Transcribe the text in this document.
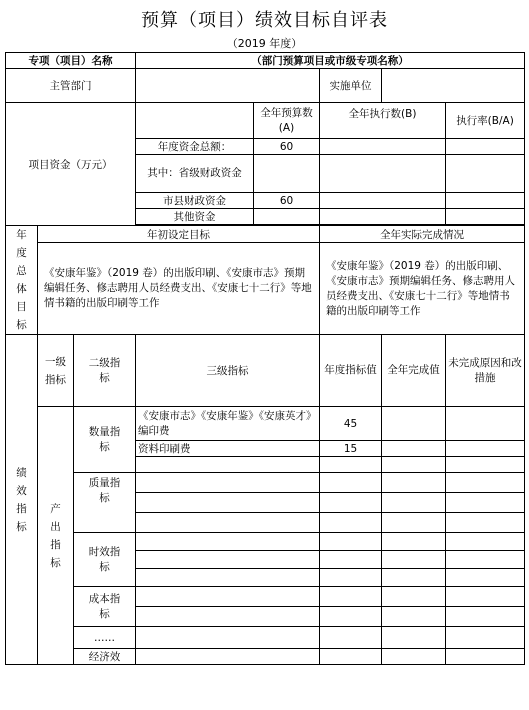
预算（项目）绩效目标自评表
（2019 年度）
专项（项目）名称			（部门预算项目或市级专项名称）				
主管部门					实施单位		
项目资金（万元）				全年预算数(A)	全年执行数(B)		执行率(B/A)
			年度资金总额：	60			
			其中：省级财政资金				
			市县财政资金	60			
			其他资金				

年度总体目标	年初设定目标				全年实际完成情况		
	《安康年鉴》（2019 卷）的出版印刷、《安康市志》预期编辑任务、修志聘用人员经费支出、《安康七十二行》等地情书籍的出版印刷等工作				《安康年鉴》（2019 卷）的出版印刷、《安康市志》预期编辑任务、修志聘用人员经费支出、《安康七十二行》等地情书籍的出版印刷等工作		
绩效指标	一级指标	二级指标	三级指标		年度指标值	全年完成值	未完成原因和改措施
	产出指标	数量指标	《安康市志》《安康年鉴》《安康英才》编印费		45		
			资料印刷费		15		

		质量指标					

		时效指标					

		成本指标					

		……					
		经济效					
